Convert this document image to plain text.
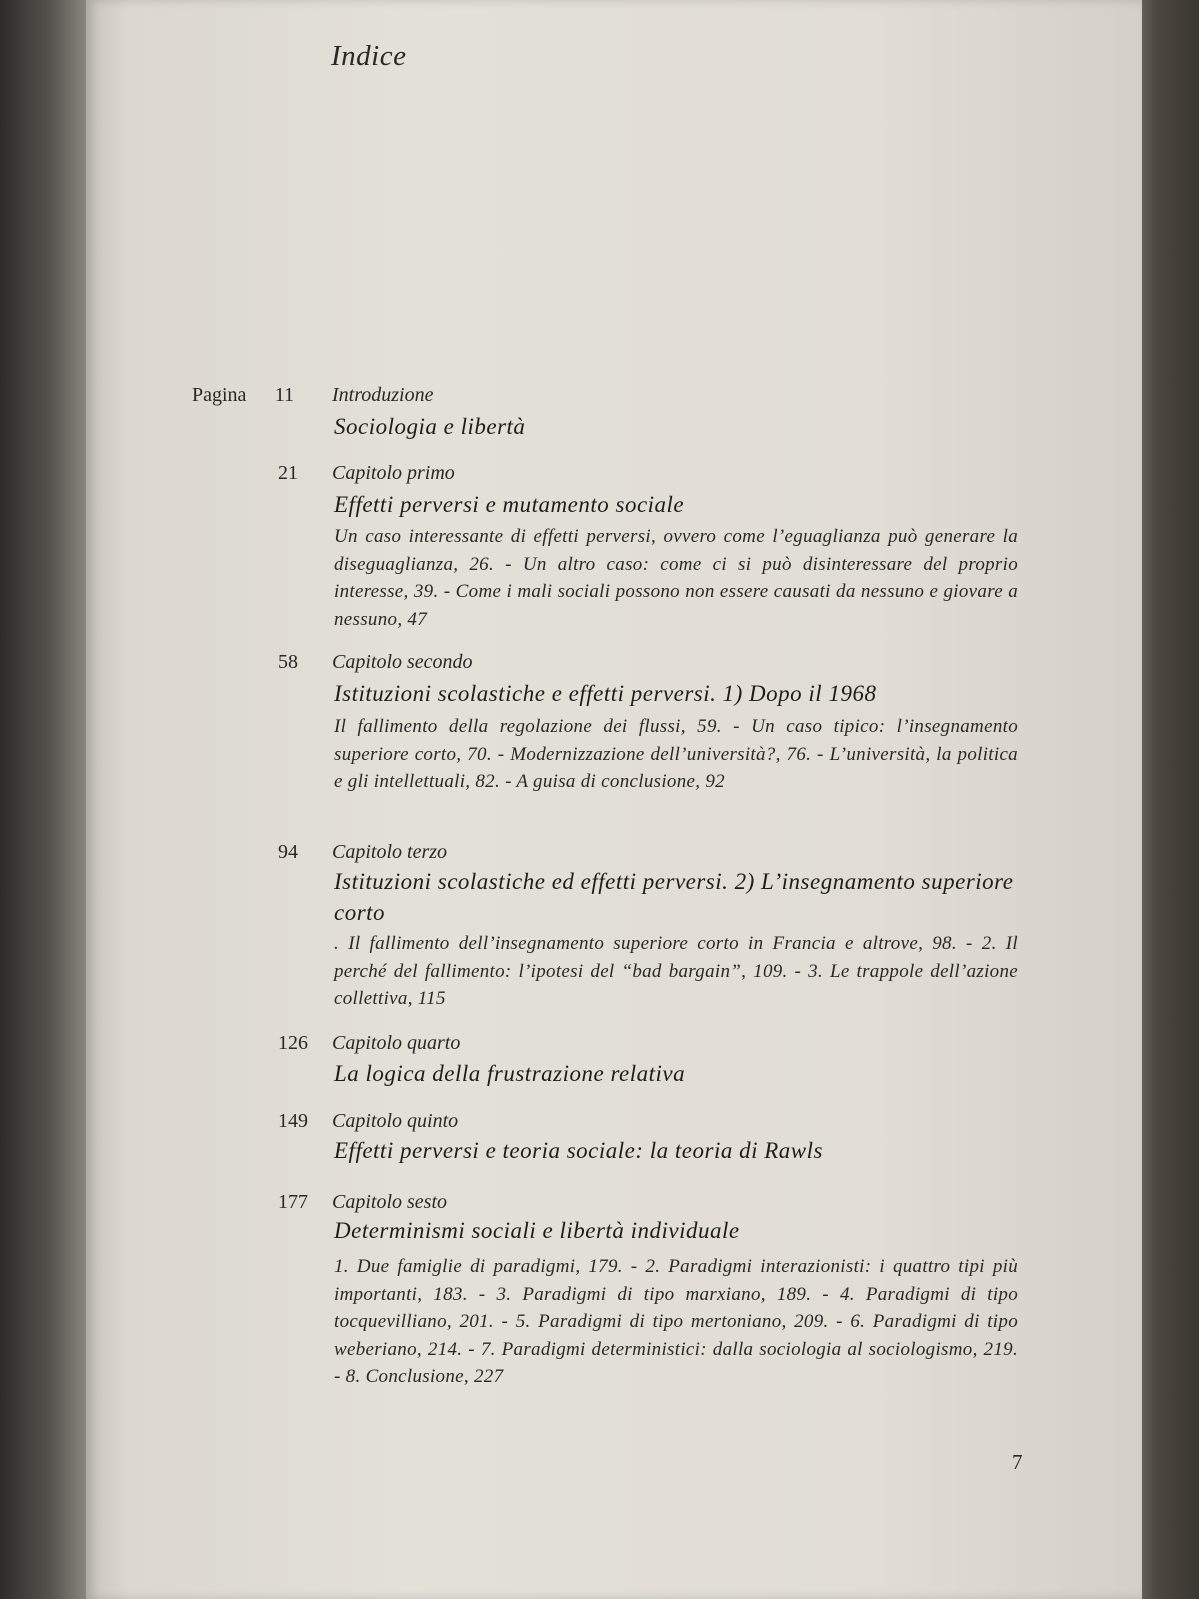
Indice
Pagina	11 Introduzione
Sociologia e libertà
21 Capitolo primo
Effetti perversi e mutamento sociale
Un caso interessante di effetti perversi, ovvero come l’eguaglianza può generare la diseguaglianza, 26. - Un altro caso: come ci si può disinteressare del proprio interesse, 39. - Come i mali sociali possono non essere causati da nessuno e giovare a nessuno, 47
58 Capitolo secondo
Istituzioni scolastiche e effetti perversi. 1) Dopo il 1968
Il fallimento della regolazione dei flussi, 59. - Un caso tipico: l’insegnamento superiore corto, 70. - Modernizzazione dell’università?, 76. - L’università, la politica e gli intellettuali, 82. - A guisa di conclusione, 92
94 Capitolo terzo
Istituzioni scolastiche ed effetti perversi. 2) L’insegnamento superiore corto
. Il fallimento dell’insegnamento superiore corto in Francia e altrove, 98. - 2. Il perché del fallimento: l’ipotesi del “bad bargain”, 109. - 3. Le trappole dell’azione collettiva, 115
126 Capitolo quarto
La logica della frustrazione relativa
149 Capitolo quinto
Effetti perversi e teoria sociale: la teoria di Rawls
177 Capitolo sesto
Determinismi sociali e libertà individuale
1. Due famiglie di paradigmi, 179. - 2. Paradigmi interazionisti: i quattro tipi più importanti, 183. - 3. Paradigmi di tipo marxiano, 189. - 4. Paradigmi di tipo tocquevilliano, 201. - 5. Paradigmi di tipo mertoniano, 209. - 6. Paradigmi di tipo weberiano, 214. - 7. Paradigmi deterministici: dalla sociologia al sociologismo, 219. - 8. Conclusione, 227
7
